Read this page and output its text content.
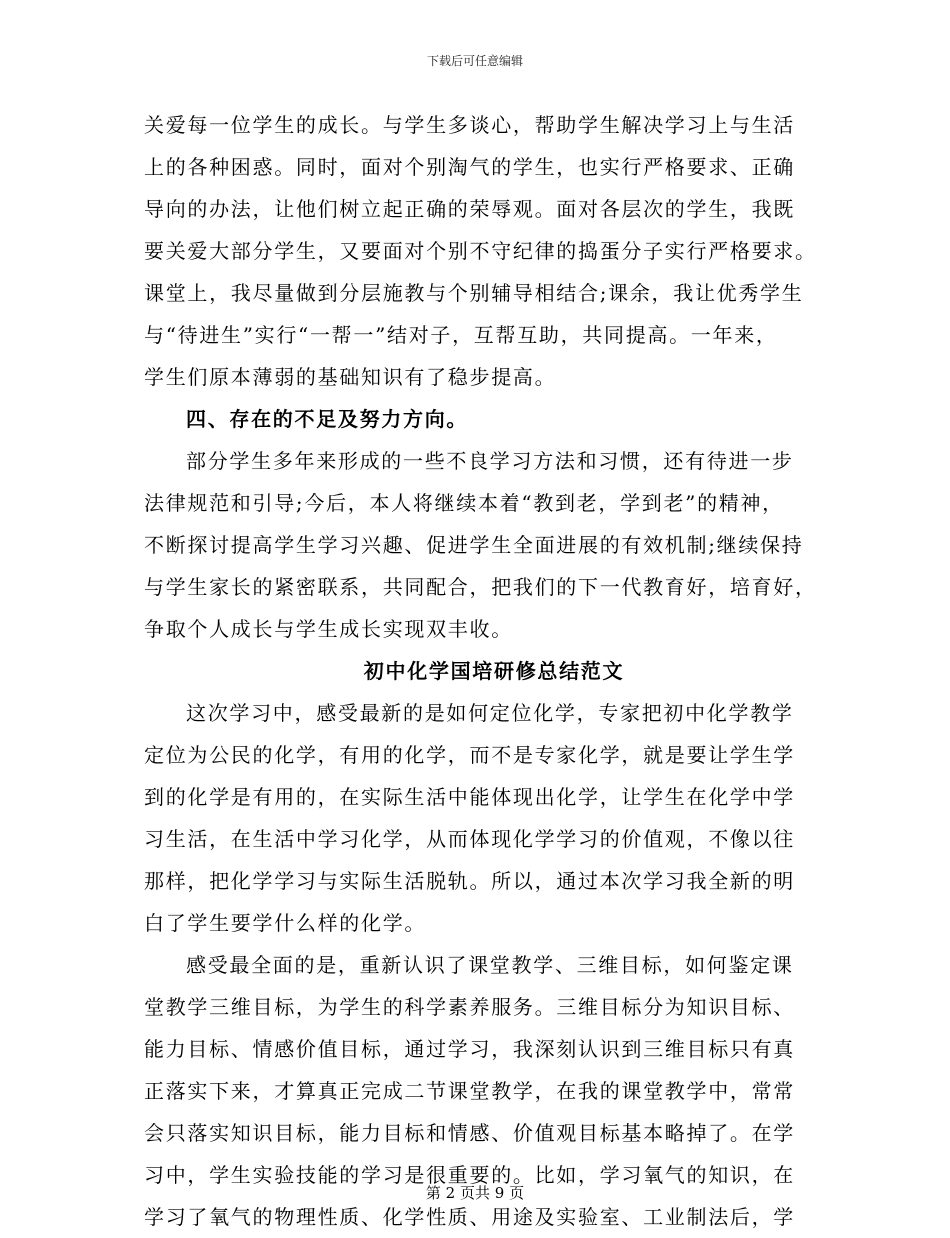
下载后可任意编辑
关爱每一位学生的成长。与学生多谈心，帮助学生解决学习上与生活
上的各种困惑。同时，面对个别淘气的学生，也实行严格要求、正确
导向的办法，让他们树立起正确的荣辱观。面对各层次的学生，我既
要关爱大部分学生，又要面对个别不守纪律的捣蛋分子实行严格要求。
课堂上，我尽量做到分层施教与个别辅导相结合;课余，我让优秀学生
与“待进生”实行“一帮一”结对子，互帮互助，共同提高。一年来，
学生们原本薄弱的基础知识有了稳步提高。
四、存在的不足及努力方向。
部分学生多年来形成的一些不良学习方法和习惯，还有待进一步
法律规范和引导;今后，本人将继续本着“教到老，学到老”的精神，
不断探讨提高学生学习兴趣、促进学生全面进展的有效机制;继续保持
与学生家长的紧密联系，共同配合，把我们的下一代教育好，培育好，
争取个人成长与学生成长实现双丰收。
初中化学国培研修总结范文
这次学习中，感受最新的是如何定位化学，专家把初中化学教学
定位为公民的化学，有用的化学，而不是专家化学，就是要让学生学
到的化学是有用的，在实际生活中能体现出化学，让学生在化学中学
习生活，在生活中学习化学，从而体现化学学习的价值观，不像以往
那样，把化学学习与实际生活脱轨。所以，通过本次学习我全新的明
白了学生要学什么样的化学。
感受最全面的是，重新认识了课堂教学、三维目标，如何鉴定课
堂教学三维目标，为学生的科学素养服务。三维目标分为知识目标、
能力目标、情感价值目标，通过学习，我深刻认识到三维目标只有真
正落实下来，才算真正完成二节课堂教学，在我的课堂教学中，常常
会只落实知识目标，能力目标和情感、价值观目标基本略掉了。在学
习中，学生实验技能的学习是很重要的。比如，学习氧气的知识，在
学习了氧气的物理性质、化学性质、用途及实验室、工业制法后，学
第 2 页共 9 页
